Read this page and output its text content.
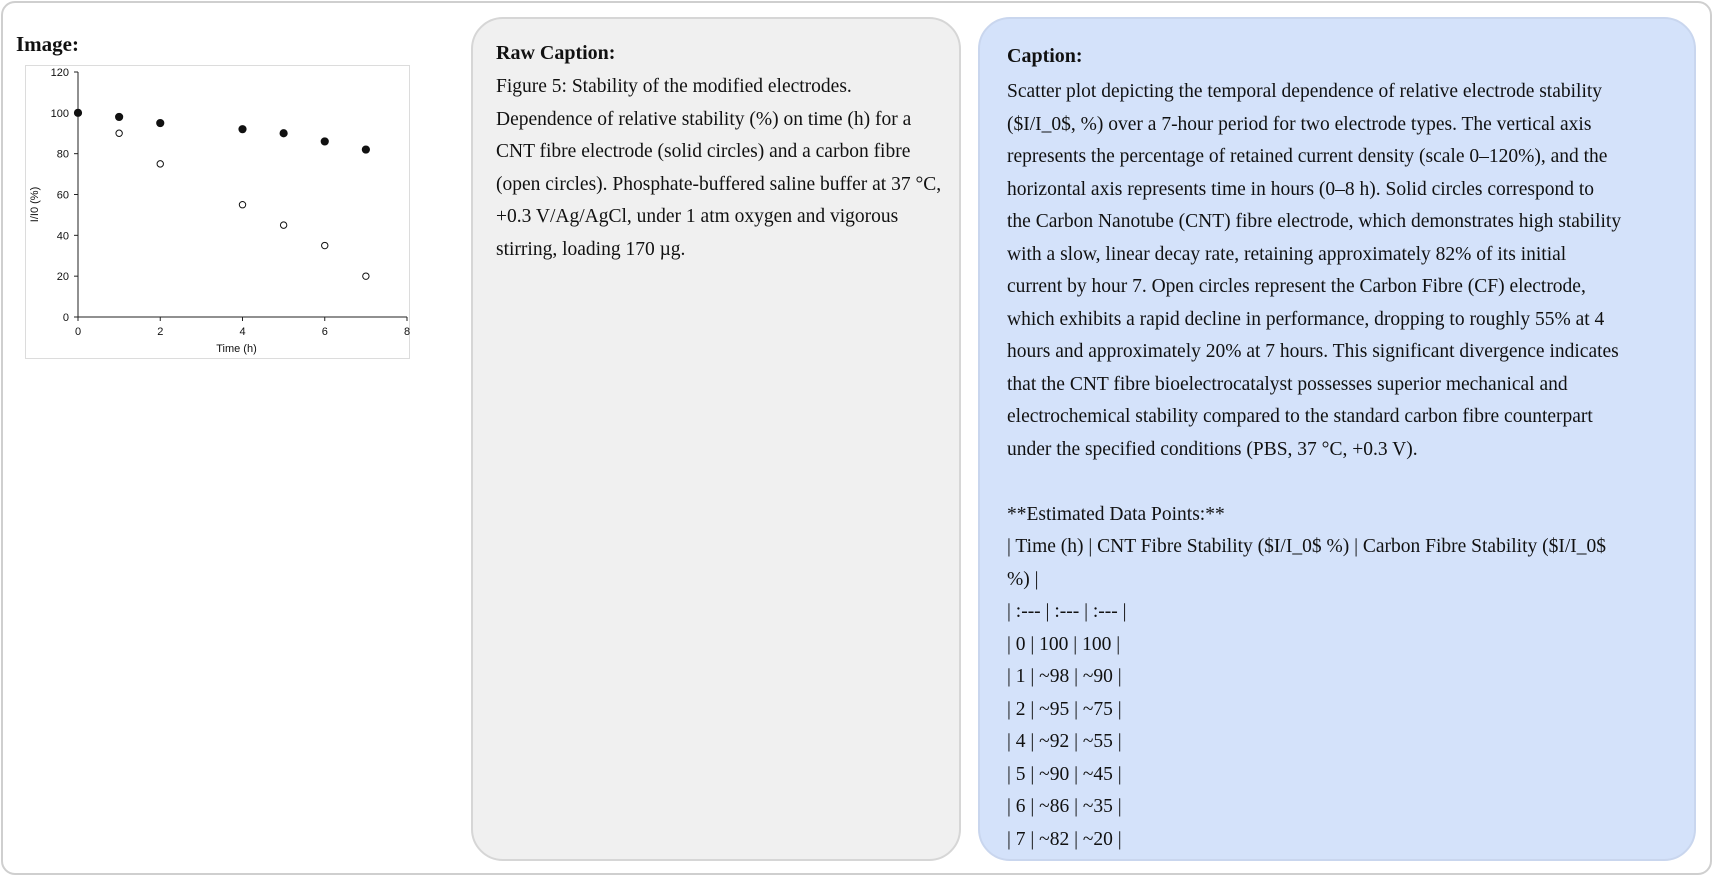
Image:
0
20
40
60
80
100
120
0	2	4	6	8
Time (h)
I/I0 (%)
Raw Caption:
Figure 5: Stability of the modified electrodes. Dependence of relative stability (%) on time (h) for a CNT fibre electrode (solid circles) and a carbon fibre (open circles). Phosphate-buffered saline buffer at 37 °C, +0.3 V/Ag/AgCl, under 1 atm oxygen and vigorous stirring, loading 170 µg.
Caption:
Scatter plot depicting the temporal dependence of relative electrode stability
($I/I_0$, %) over a 7-hour period for two electrode types. The vertical axis
represents the percentage of retained current density (scale 0–120%), and the
horizontal axis represents time in hours (0–8 h). Solid circles correspond to
the Carbon Nanotube (CNT) fibre electrode, which demonstrates high stability
with a slow, linear decay rate, retaining approximately 82% of its initial
current by hour 7. Open circles represent the Carbon Fibre (CF) electrode,
which exhibits a rapid decline in performance, dropping to roughly 55% at 4
hours and approximately 20% at 7 hours. This significant divergence indicates
that the CNT fibre bioelectrocatalyst possesses superior mechanical and
electrochemical stability compared to the standard carbon fibre counterpart
under the specified conditions (PBS, 37 °C, +0.3 V).

**Estimated Data Points:**
| Time (h) | CNT Fibre Stability ($I/I_0$ %) | Carbon Fibre Stability ($I/I_0$
%) |
| :--- | :--- | :--- |
| 0 | 100 | 100 |
| 1 | ~98 | ~90 |
| 2 | ~95 | ~75 |
| 4 | ~92 | ~55 |
| 5 | ~90 | ~45 |
| 6 | ~86 | ~35 |
| 7 | ~82 | ~20 |
